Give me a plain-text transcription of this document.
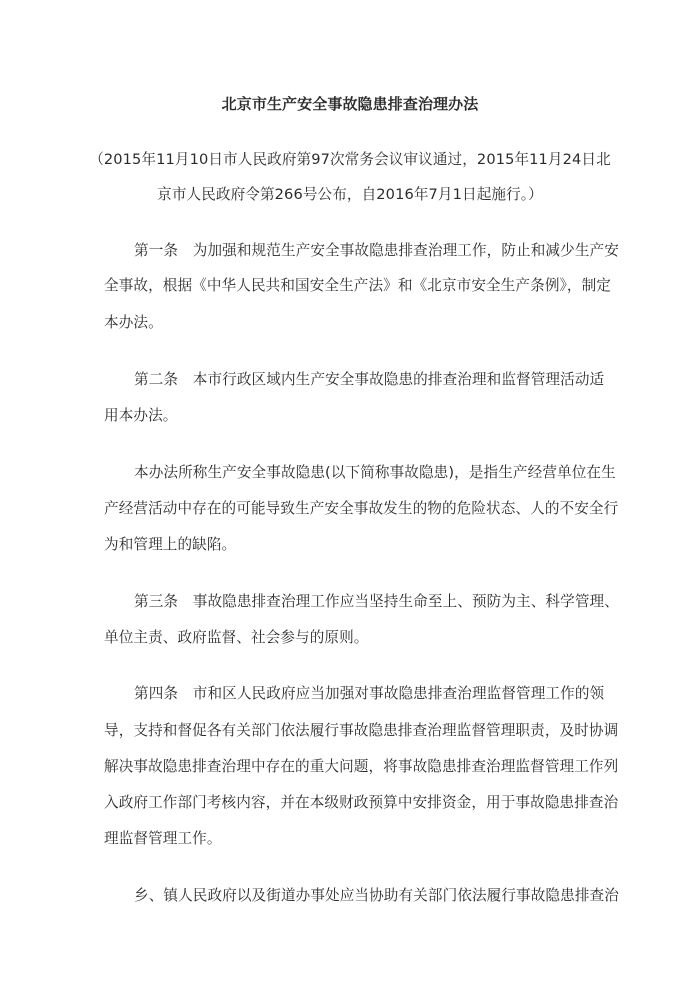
北京市生产安全事故隐患排查治理办法
（2015年11月10日市人民政府第97次常务会议审议通过，2015年11月24日北
京市人民政府令第266号公布，自2016年7月1日起施行。）
第一条　为加强和规范生产安全事故隐患排查治理工作，防止和减少生产安
全事故，根据《中华人民共和国安全生产法》和《北京市安全生产条例》，制定
本办法。
第二条　本市行政区域内生产安全事故隐患的排查治理和监督管理活动适
用本办法。
本办法所称生产安全事故隐患(以下简称事故隐患)，是指生产经营单位在生
产经营活动中存在的可能导致生产安全事故发生的物的危险状态、人的不安全行
为和管理上的缺陷。
第三条　事故隐患排查治理工作应当坚持生命至上、预防为主、科学管理、
单位主责、政府监督、社会参与的原则。
第四条　市和区人民政府应当加强对事故隐患排查治理监督管理工作的领
导，支持和督促各有关部门依法履行事故隐患排查治理监督管理职责，及时协调
解决事故隐患排查治理中存在的重大问题，将事故隐患排查治理监督管理工作列
入政府工作部门考核内容，并在本级财政预算中安排资金，用于事故隐患排查治
理监督管理工作。
乡、镇人民政府以及街道办事处应当协助有关部门依法履行事故隐患排查治
